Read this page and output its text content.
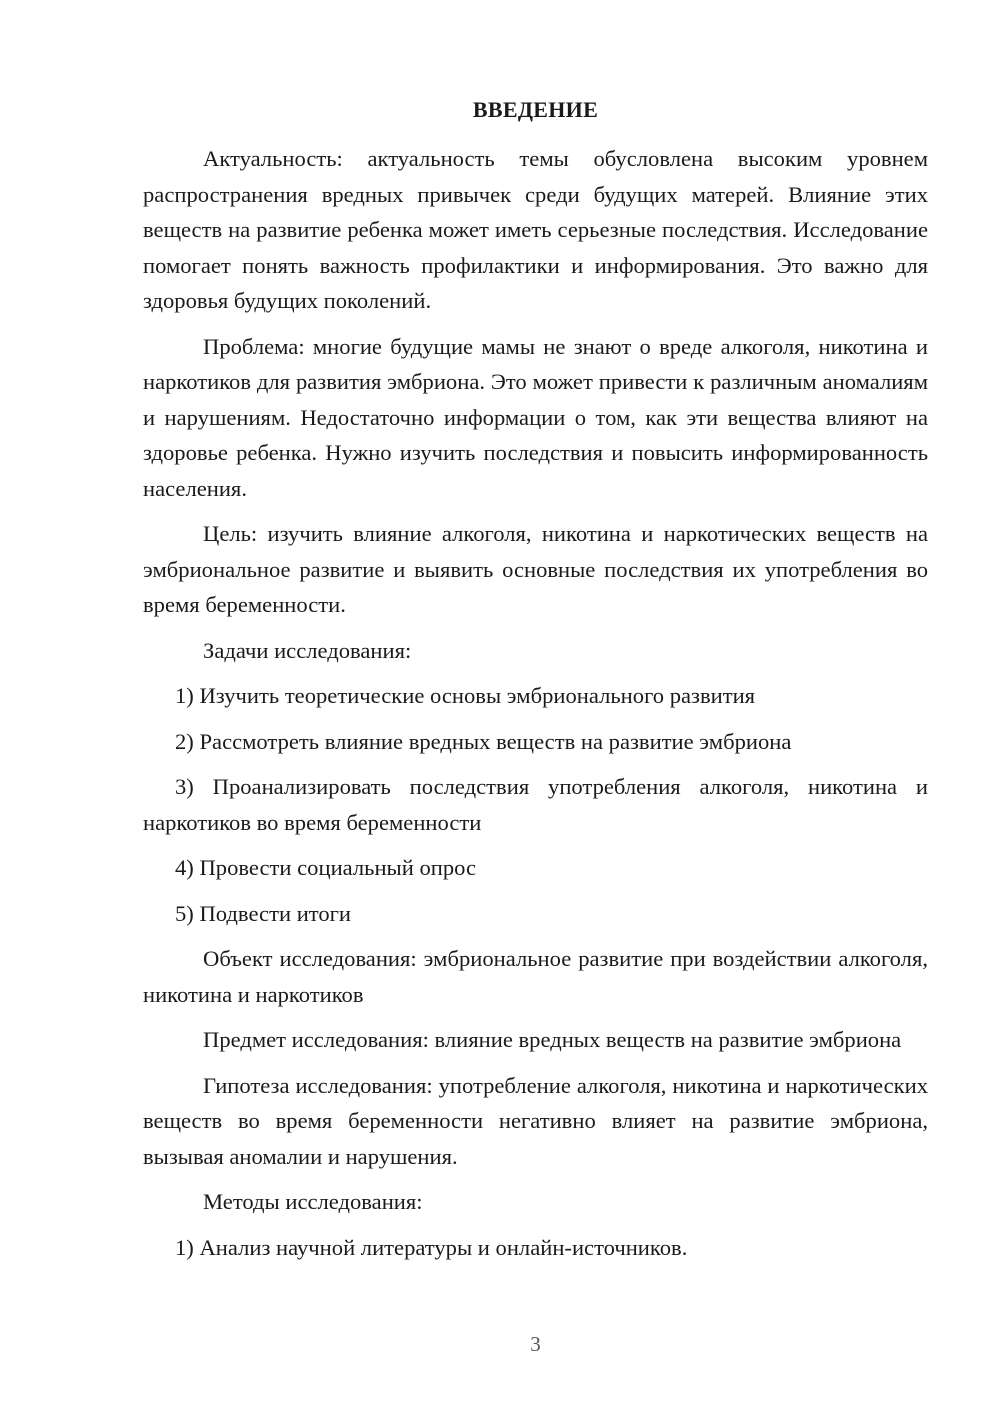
ВВЕДЕНИЕ

Актуальность: актуальность темы обусловлена высоким уровнем распространения вредных привычек среди будущих матерей. Влияние этих веществ на развитие ребенка может иметь серьезные последствия. Исследование помогает понять важность профилактики и информирования. Это важно для здоровья будущих поколений.

Проблема: многие будущие мамы не знают о вреде алкоголя, никотина и наркотиков для развития эмбриона. Это может привести к различным аномалиям и нарушениям. Недостаточно информации о том, как эти вещества влияют на здоровье ребенка. Нужно изучить последствия и повысить информированность населения.

Цель: изучить влияние алкоголя, никотина и наркотических веществ на эмбриональное развитие и выявить основные последствия их употребления во время беременности.

Задачи исследования:

1) Изучить теоретические основы эмбрионального развития

2) Рассмотреть влияние вредных веществ на развитие эмбриона

3) Проанализировать последствия употребления алкоголя, никотина и наркотиков во время беременности

4) Провести социальный опрос

5) Подвести итоги

Объект исследования: эмбриональное развитие при воздействии алкоголя, никотина и наркотиков

Предмет исследования: влияние вредных веществ на развитие эмбриона

Гипотеза исследования: употребление алкоголя, никотина и наркотических веществ во время беременности негативно влияет на развитие эмбриона, вызывая аномалии и нарушения.

Методы исследования:

1) Анализ научной литературы и онлайн-источников.

3
